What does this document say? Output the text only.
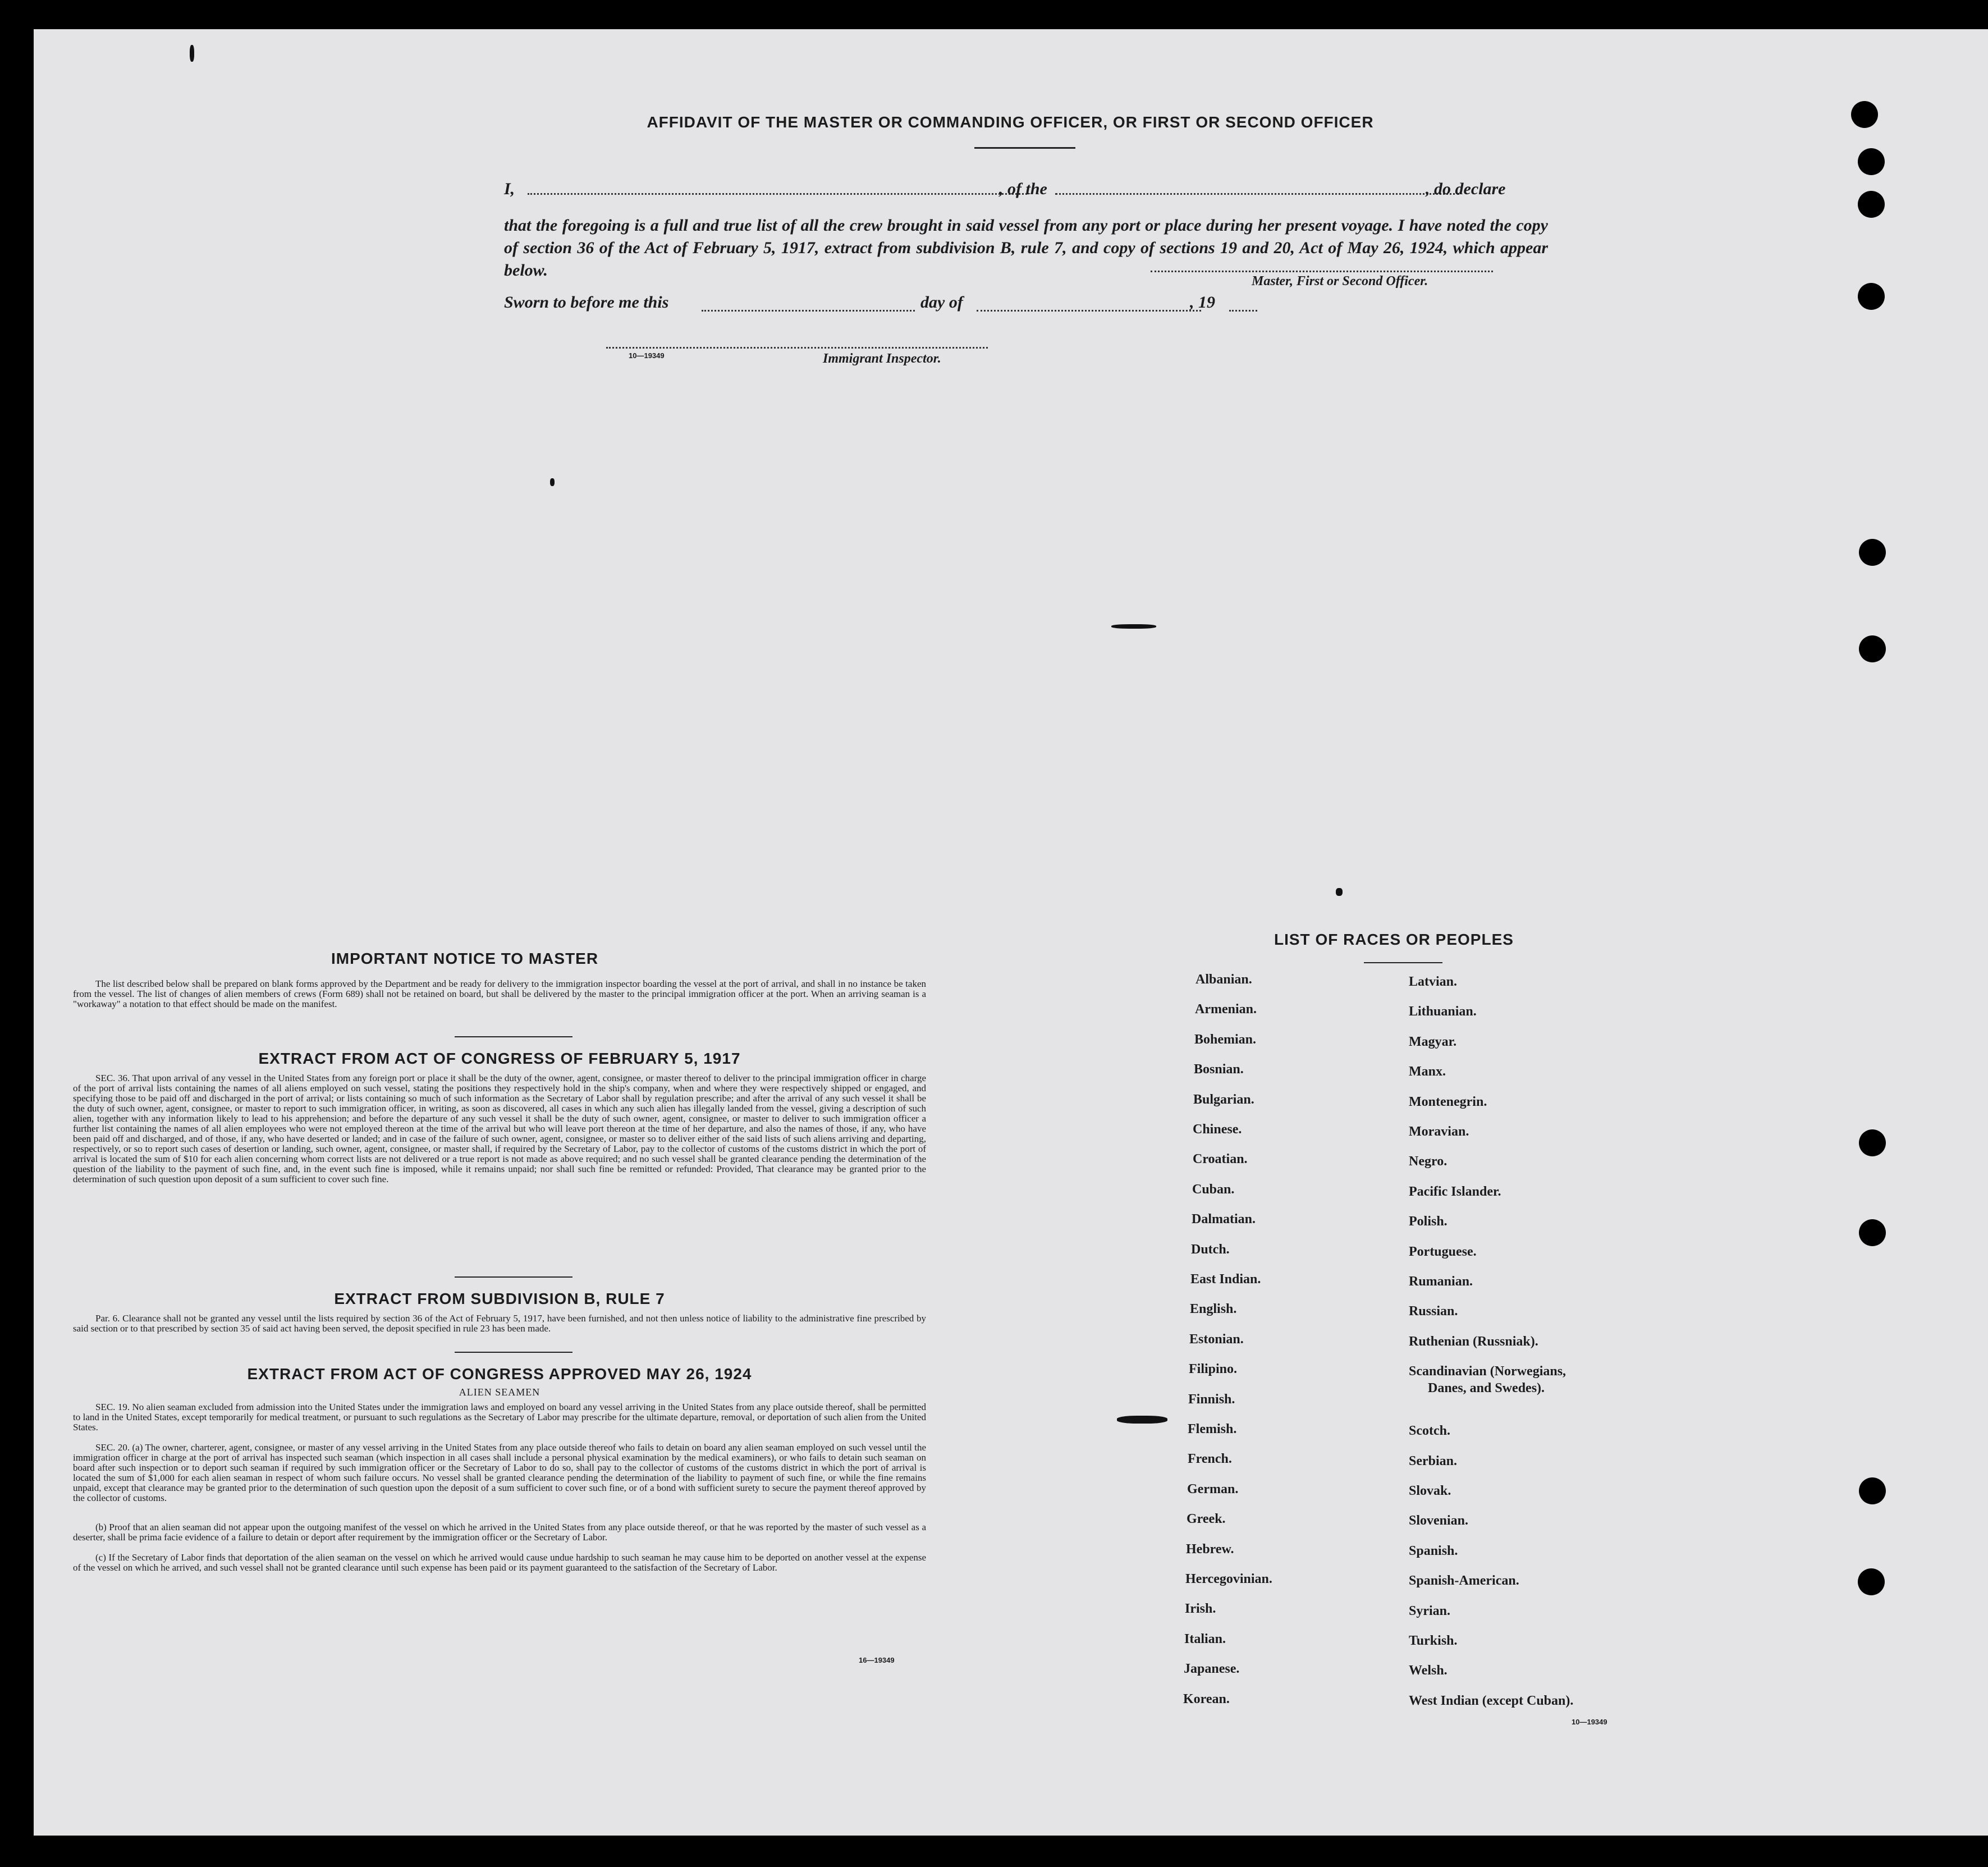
AFFIDAVIT OF THE MASTER OR COMMANDING OFFICER, OR FIRST OR SECOND OFFICER
I,	, of the	, do declare
that the foregoing is a full and true list of all the crew brought in said vessel from any port or place during her present voyage. I have noted the copy of section 36 of the Act of February 5, 1917, extract from subdivision B, rule 7, and copy of sections 19 and 20, Act of May 26, 1924, which appear below.
Master, First or Second Officer.
Sworn to before me this	day of	, 19
10—19349	Immigrant Inspector.
IMPORTANT NOTICE TO MASTER
The list described below shall be prepared on blank forms approved by the Department and be ready for delivery to the immigration inspector boarding the vessel at the port of arrival, and shall in no instance be taken from the vessel. The list of changes of alien members of crews (Form 689) shall not be retained on board, but shall be delivered by the master to the principal immigration officer at the port. When an arriving seaman is a "workaway" a notation to that effect should be made on the manifest.
EXTRACT FROM ACT OF CONGRESS OF FEBRUARY 5, 1917
SEC. 36. That upon arrival of any vessel in the United States from any foreign port or place it shall be the duty of the owner, agent, consignee, or master thereof to deliver to the principal immigration officer in charge of the port of arrival lists containing the names of all aliens employed on such vessel, stating the positions they respectively hold in the ship's company, when and where they were respectively shipped or engaged, and specifying those to be paid off and discharged in the port of arrival; or lists containing so much of such information as the Secretary of Labor shall by regulation prescribe; and after the arrival of any such vessel it shall be the duty of such owner, agent, consignee, or master to report to such immigration officer, in writing, as soon as discovered, all cases in which any such alien has illegally landed from the vessel, giving a description of such alien, together with any information likely to lead to his apprehension; and before the departure of any such vessel it shall be the duty of such owner, agent, consignee, or master to deliver to such immigration officer a further list containing the names of all alien employees who were not employed thereon at the time of the arrival but who will leave port thereon at the time of her departure, and also the names of those, if any, who have been paid off and discharged, and of those, if any, who have deserted or landed; and in case of the failure of such owner, agent, consignee, or master so to deliver either of the said lists of such aliens arriving and departing, respectively, or so to report such cases of desertion or landing, such owner, agent, consignee, or master shall, if required by the Secretary of Labor, pay to the collector of customs of the customs district in which the port of arrival is located the sum of $10 for each alien concerning whom correct lists are not delivered or a true report is not made as above required; and no such vessel shall be granted clearance pending the determination of the question of the liability to the payment of such fine, and, in the event such fine is imposed, while it remains unpaid; nor shall such fine be remitted or refunded: Provided, That clearance may be granted prior to the determination of such question upon deposit of a sum sufficient to cover such fine.
EXTRACT FROM SUBDIVISION B, RULE 7
Par. 6. Clearance shall not be granted any vessel until the lists required by section 36 of the Act of February 5, 1917, have been furnished, and not then unless notice of liability to the administrative fine prescribed by said section or to that prescribed by section 35 of said act having been served, the deposit specified in rule 23 has been made.
EXTRACT FROM ACT OF CONGRESS APPROVED MAY 26, 1924
ALIEN SEAMEN
SEC. 19. No alien seaman excluded from admission into the United States under the immigration laws and employed on board any vessel arriving in the United States from any place outside thereof, shall be permitted to land in the United States, except temporarily for medical treatment, or pursuant to such regulations as the Secretary of Labor may prescribe for the ultimate departure, removal, or deportation of such alien from the United States.
SEC. 20. (a) The owner, charterer, agent, consignee, or master of any vessel arriving in the United States from any place outside thereof who fails to detain on board any alien seaman employed on such vessel until the immigration officer in charge at the port of arrival has inspected such seaman (which inspection in all cases shall include a personal physical examination by the medical examiners), or who fails to detain such seaman on board after such inspection or to deport such seaman if required by such immigration officer or the Secretary of Labor to do so, shall pay to the collector of customs of the customs district in which the port of arrival is located the sum of $1,000 for each alien seaman in respect of whom such failure occurs. No vessel shall be granted clearance pending the determination of the liability to payment of such fine, or while the fine remains unpaid, except that clearance may be granted prior to the determination of such question upon the deposit of a sum sufficient to cover such fine, or of a bond with sufficient surety to secure the payment thereof approved by the collector of customs.
(b) Proof that an alien seaman did not appear upon the outgoing manifest of the vessel on which he arrived in the United States from any place outside thereof, or that he was reported by the master of such vessel as a deserter, shall be prima facie evidence of a failure to detain or deport after requirement by the immigration officer or the Secretary of Labor.
(c) If the Secretary of Labor finds that deportation of the alien seaman on the vessel on which he arrived would cause undue hardship to such seaman he may cause him to be deported on another vessel at the expense of the vessel on which he arrived, and such vessel shall not be granted clearance until such expense has been paid or its payment guaranteed to the satisfaction of the Secretary of Labor.
16—19349
LIST OF RACES OR PEOPLES
Albanian.
Armenian.
Bohemian.
Bosnian.
Bulgarian.
Chinese.
Croatian.
Cuban.
Dalmatian.
Dutch.
East Indian.
English.
Estonian.
Filipino.
Finnish.
Flemish.
French.
German.
Greek.
Hebrew.
Hercegovinian.
Irish.
Italian.
Japanese.
Korean.
Latvian.
Lithuanian.
Magyar.
Manx.
Montenegrin.
Moravian.
Negro.
Pacific Islander.
Polish.
Portuguese.
Rumanian.
Russian.
Ruthenian (Russniak).
Scandinavian (Norwegians,
Danes, and Swedes).
Scotch.
Serbian.
Slovak.
Slovenian.
Spanish.
Spanish-American.
Syrian.
Turkish.
Welsh.
West Indian (except Cuban).
10—19349
